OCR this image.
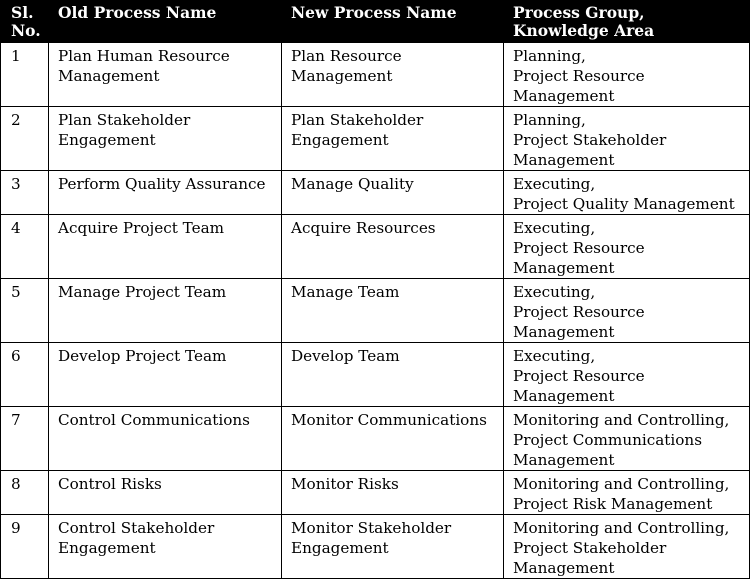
Sl.
No.	Old Process Name	New Process Name	Process Group,
Knowledge Area
1	Plan Human Resource Management	Plan Resource Management	Planning,
Project Resource Management
2	Plan Stakeholder Engagement	Plan Stakeholder Engagement	Planning,
Project Stakeholder Management
3	Perform Quality Assurance	Manage Quality	Executing,
Project Quality Management
4	Acquire Project Team	Acquire Resources	Executing,
Project Resource Management
5	Manage Project Team	Manage Team	Executing,
Project Resource Management
6	Develop Project Team	Develop Team	Executing,
Project Resource Management
7	Control Communications	Monitor Communications	Monitoring and Controlling,
Project Communications Management
8	Control Risks	Monitor Risks	Monitoring and Controlling,
Project Risk Management
9	Control Stakeholder Engagement	Monitor Stakeholder Engagement	Monitoring and Controlling,
Project Stakeholder Management
